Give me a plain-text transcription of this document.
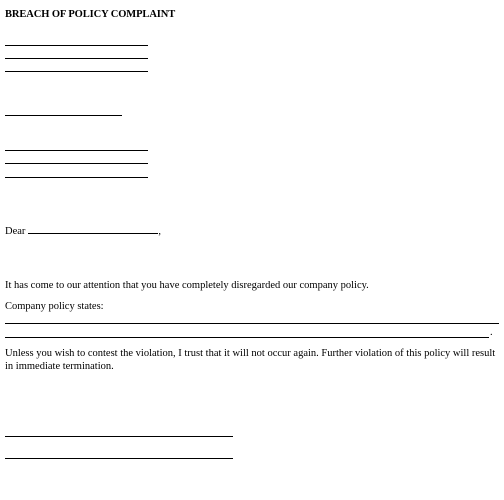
BREACH OF POLICY COMPLAINT
Dear	,
It has come to our attention that you have completely disregarded our company policy.
Company policy states:
.
Unless you wish to contest the violation, I trust that it will not occur again. Further violation of this policy will result in immediate termination.
